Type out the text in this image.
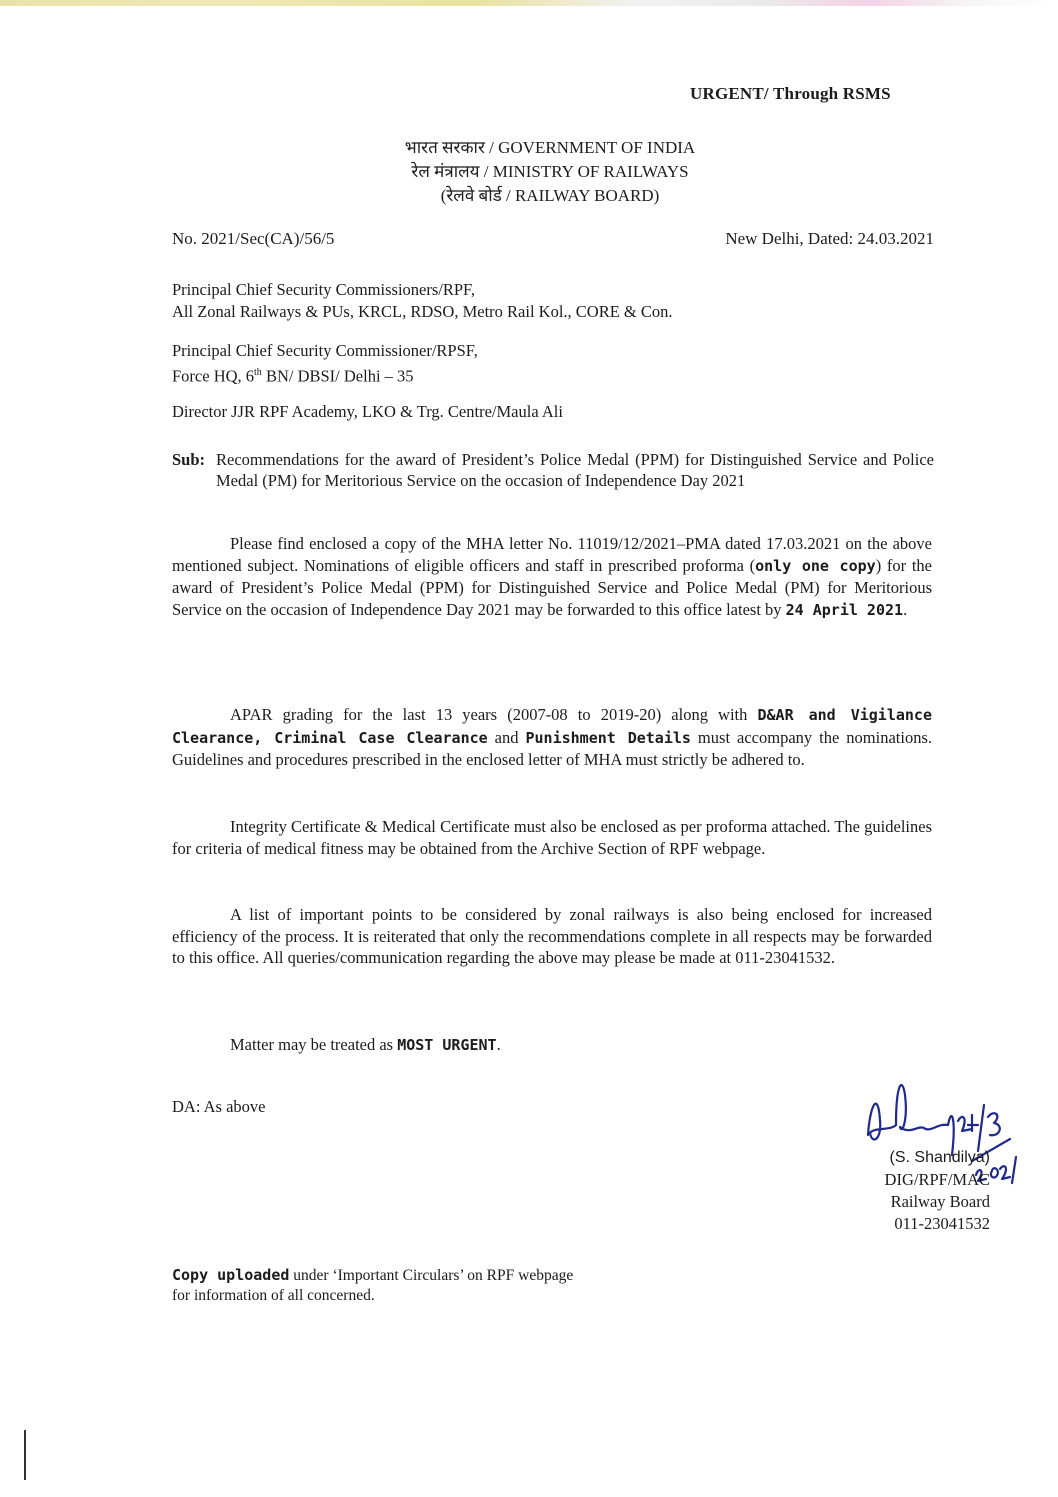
URGENT/ Through RSMS
भारत सरकार / GOVERNMENT OF INDIA
रेल मंत्रालय / MINISTRY OF RAILWAYS
(रेलवे बोर्ड / RAILWAY BOARD)
No. 2021/Sec(CA)/56/5	New Delhi, Dated: 24.03.2021
Principal Chief Security Commissioners/RPF,
All Zonal Railways & PUs, KRCL, RDSO, Metro Rail Kol., CORE & Con.
Principal Chief Security Commissioner/RPSF,
Force HQ, 6th BN/ DBSI/ Delhi – 35
Director JJR RPF Academy, LKO & Trg. Centre/Maula Ali
Sub: Recommendations for the award of President’s Police Medal (PPM) for Distinguished Service and Police Medal (PM) for Meritorious Service on the occasion of Independence Day 2021
Please find enclosed a copy of the MHA letter No. 11019/12/2021–PMA dated 17.03.2021 on the above mentioned subject. Nominations of eligible officers and staff in prescribed proforma (only one copy) for the award of President’s Police Medal (PPM) for Distinguished Service and Police Medal (PM) for Meritorious Service on the occasion of Independence Day 2021 may be forwarded to this office latest by 24 April 2021.
APAR grading for the last 13 years (2007-08 to 2019-20) along with D&AR and Vigilance Clearance, Criminal Case Clearance and Punishment Details must accompany the nominations. Guidelines and procedures prescribed in the enclosed letter of MHA must strictly be adhered to.
Integrity Certificate & Medical Certificate must also be enclosed as per proforma attached. The guidelines for criteria of medical fitness may be obtained from the Archive Section of RPF webpage.
A list of important points to be considered by zonal railways is also being enclosed for increased efficiency of the process. It is reiterated that only the recommendations complete in all respects may be forwarded to this office. All queries/communication regarding the above may please be made at 011-23041532.
Matter may be treated as MOST URGENT.
DA: As above
(S. Shandilya)
DIG/RPF/MAC
Railway Board
011-23041532
Copy uploaded under ‘Important Circulars’ on RPF webpage for information of all concerned.
